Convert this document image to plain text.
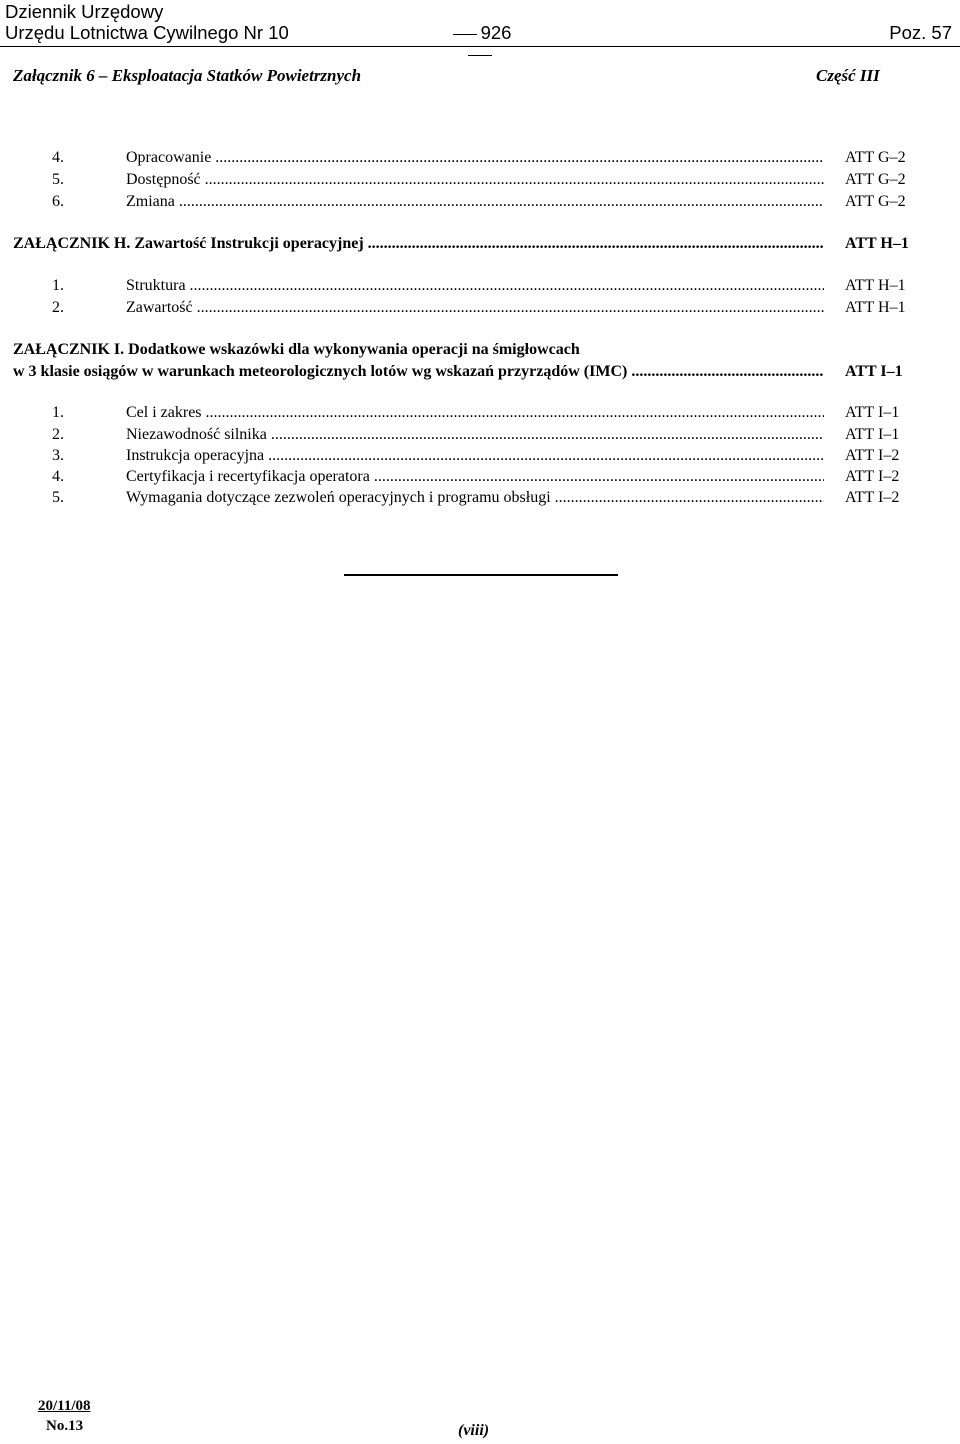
Dziennik Urzędowy
Urzędu Lotnictwa Cywilnego Nr 10	926	Poz. 57
Załącznik 6 – Eksploatacja Statków Powietrznych	Część III
4.	Opracowanie .....	ATT G–2
5.	Dostępność .....	ATT G–2
6.	Zmiana .....	ATT G–2
ZAŁĄCZNIK H. Zawartość Instrukcji operacyjnej .....	ATT H–1
1.	Struktura .....	ATT H–1
2.	Zawartość .....	ATT H–1
ZAŁĄCZNIK I. Dodatkowe wskazówki dla wykonywania operacji na śmigłowcach
w 3 klasie osiągów w warunkach meteorologicznych lotów wg wskazań przyrządów (IMC) .....	ATT I–1
1.	Cel i zakres .....	ATT I–1
2.	Niezawodność silnika .....	ATT I–1
3.	Instrukcja operacyjna .....	ATT I–2
4.	Certyfikacja i recertyfikacja operatora .....	ATT I–2
5.	Wymagania dotyczące zezwoleń operacyjnych i programu obsługi .....	ATT I–2
20/11/08
No.13	(viii)
